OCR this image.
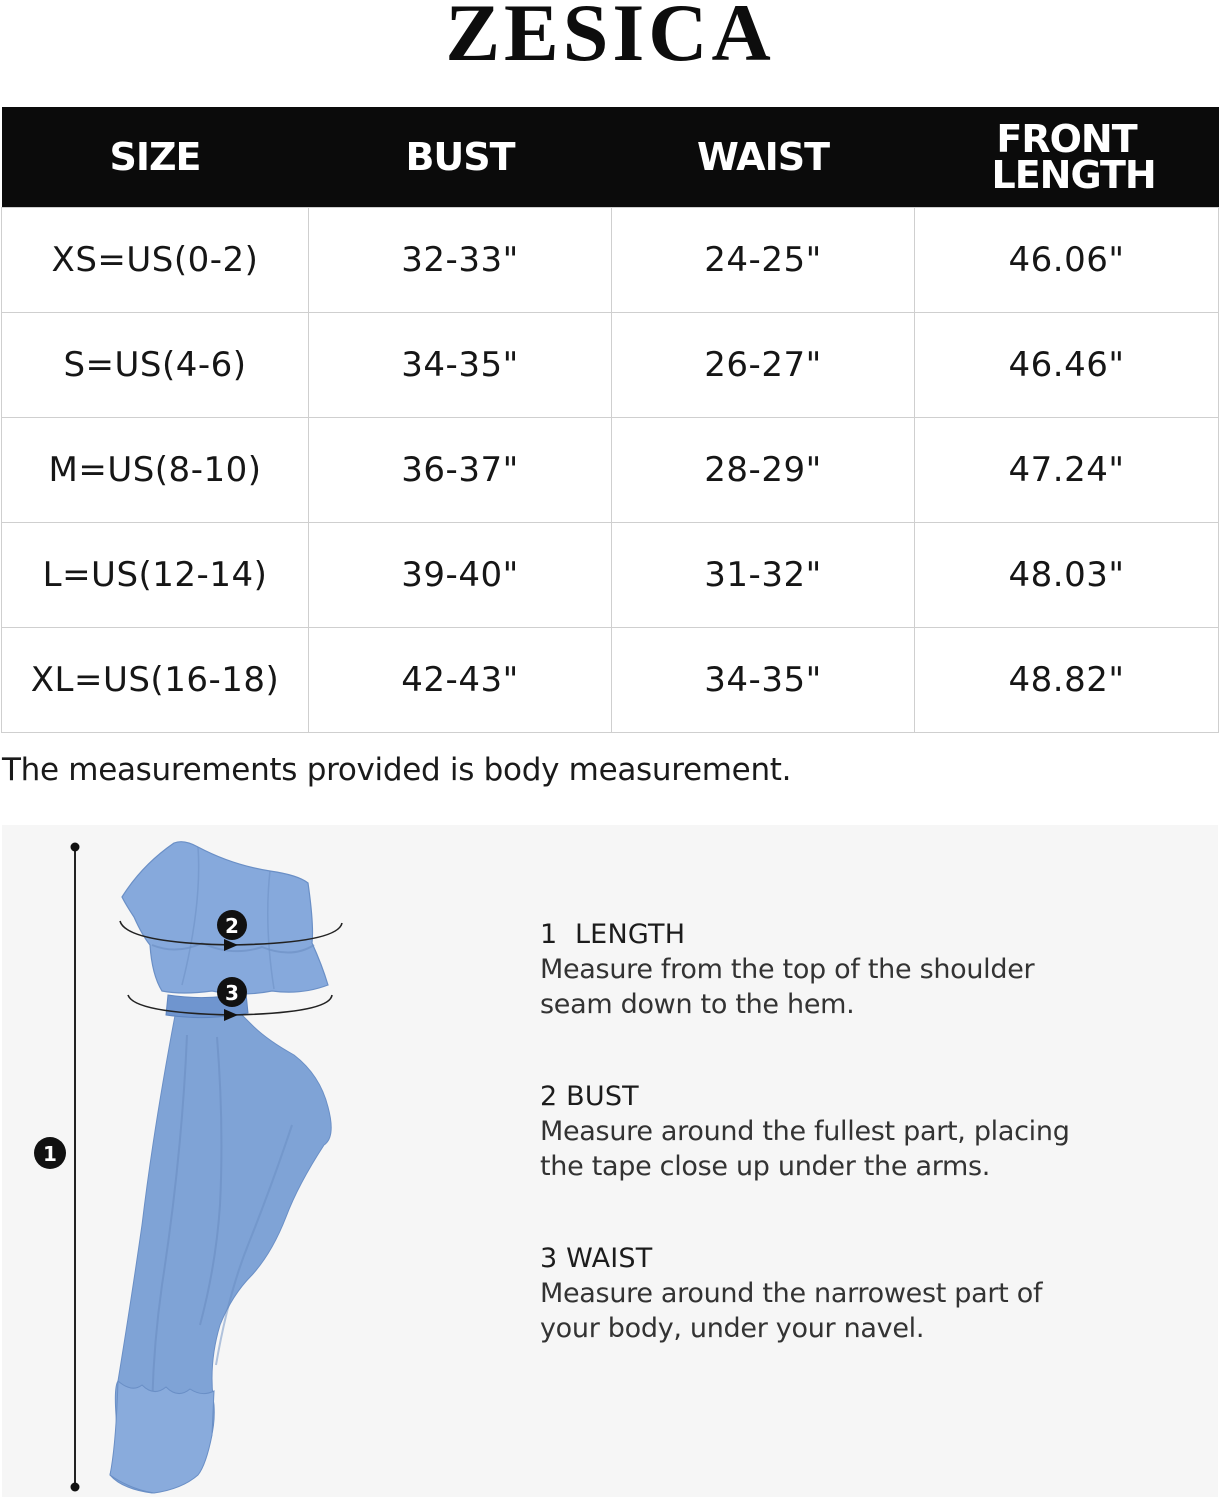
ZESICA
SIZE	BUST	WAIST	FRONT LENGTH

XS=US(0-2)	32-33"	24-25"	46.06"
S=US(4-6)	34-35"	26-27"	46.46"
M=US(8-10)	36-37"	28-29"	47.24"
L=US(12-14)	39-40"	31-32"	48.03"
XL=US(16-18)	42-43"	34-35"	48.82"
The measurements provided is body measurement.
2
3
1
1  LENGTH
Measure from the top of the shoulder seam down to the hem.
2 BUST
Measure around the fullest part, placing the tape close up under the arms.
3 WAIST
Measure around the narrowest part of your body, under your navel.
